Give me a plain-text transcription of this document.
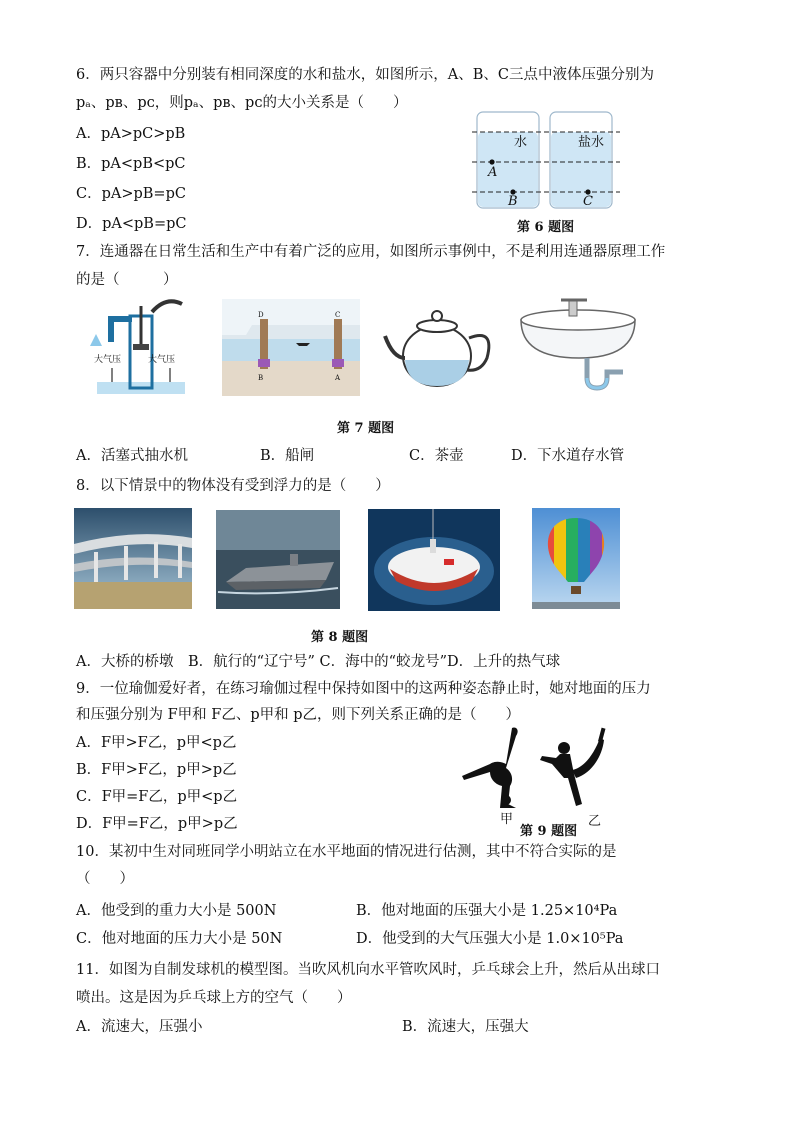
6．两只容器中分别装有相同深度的水和盐水，如图所示，A、B、C三点中液体压强分别为
pₐ、pʙ、pᴄ，则pₐ、pʙ、pᴄ的大小关系是（　　）
A．pA>pC>pB
B．pA<pB<pC
C．pA>pB=pC
D．pA<pB=pC
水	盐水
A
B	C
第 6 题图
7．连通器在日常生活和生产中有着广泛的应用，如图所示事例中，不是利用连通器原理工作
的是（　　　）
大气压	大气压
D	C
B	A
第 7 题图
A．活塞式抽水机	B．船闸	C．茶壶	D．下水道存水管
8．以下情景中的物体没有受到浮力的是（　　）
第 8 题图
A．大桥的桥墩　B．航行的“辽宁号” C．海中的“蛟龙号”D．上升的热气球
9．一位瑜伽爱好者，在练习瑜伽过程中保持如图中的这两种姿态静止时，她对地面的压力
和压强分别为 F甲和 F乙、p甲和 p乙，则下列关系正确的是（　　）
A．F甲>F乙，p甲<p乙
B．F甲>F乙，p甲>p乙
C．F甲=F乙，p甲<p乙
D．F甲=F乙，p甲>p乙	甲
第 9 题图
乙
10．某初中生对同班同学小明站立在水平地面的情况进行估测，其中不符合实际的是
（　　）
A．他受到的重力大小是 500N	B．他对地面的压强大小是 1.25×10⁴Pa
C．他对地面的压力大小是 50N	D．他受到的大气压强大小是 1.0×10⁵Pa
11．如图为自制发球机的模型图。当吹风机向水平管吹风时，乒乓球会上升，然后从出球口
喷出。这是因为乒乓球上方的空气（　　）
A．流速大，压强小	B．流速大，压强大
